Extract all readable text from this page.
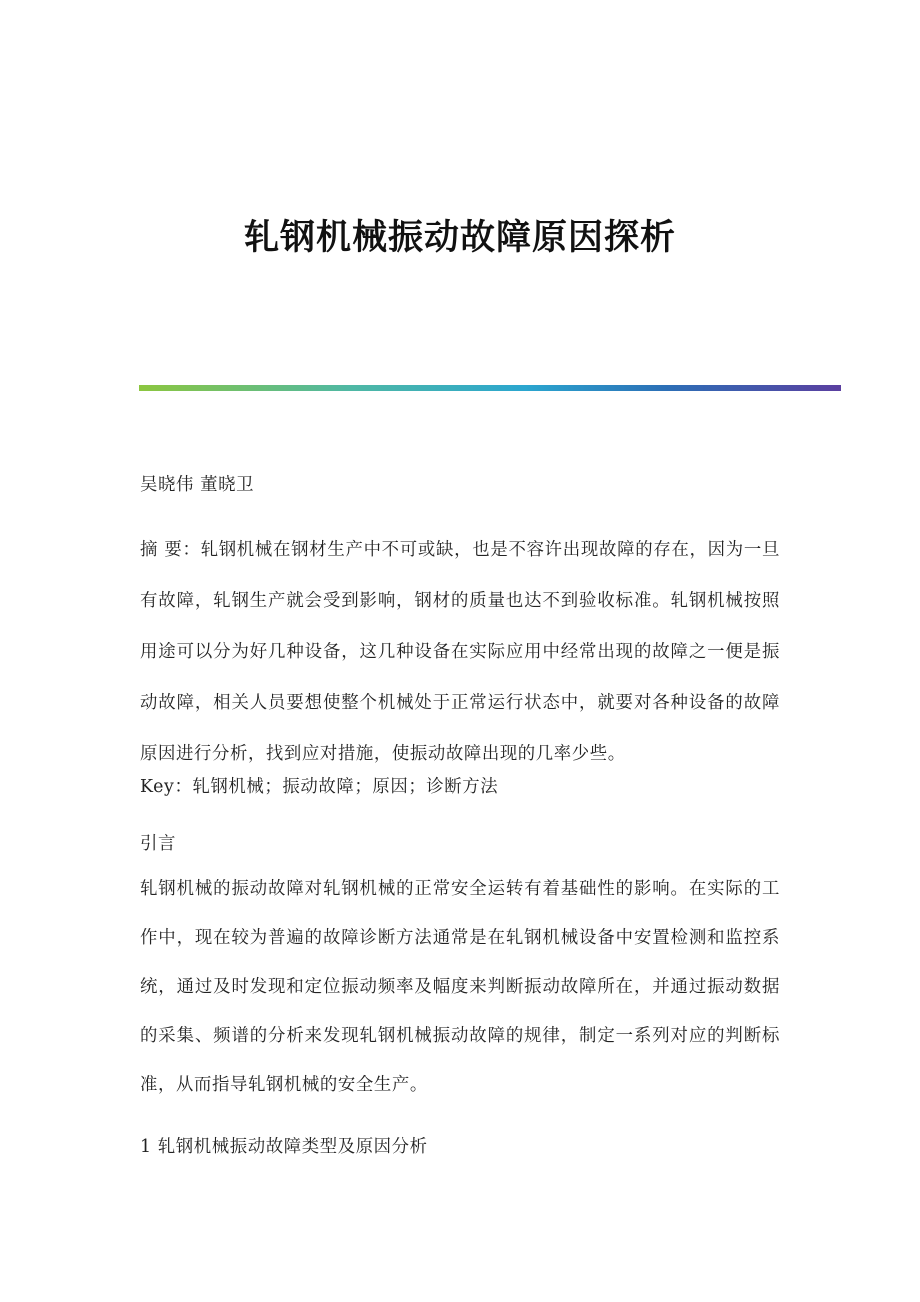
轧钢机械振动故障原因探析
吴晓伟 董晓卫
摘 要：轧钢机械在钢材生产中不可或缺，也是不容许出现故障的存在，因为一旦有故障，轧钢生产就会受到影响，钢材的质量也达不到验收标准。轧钢机械按照用途可以分为好几种设备，这几种设备在实际应用中经常出现的故障之一便是振动故障，相关人员要想使整个机械处于正常运行状态中，就要对各种设备的故障原因进行分析，找到应对措施，使振动故障出现的几率少些。
Key：轧钢机械；振动故障；原因；诊断方法
引言
轧钢机械的振动故障对轧钢机械的正常安全运转有着基础性的影响。在实际的工作中，现在较为普遍的故障诊断方法通常是在轧钢机械设备中安置检测和监控系统，通过及时发现和定位振动频率及幅度来判断振动故障所在，并通过振动数据的采集、频谱的分析来发现轧钢机械振动故障的规律，制定一系列对应的判断标准，从而指导轧钢机械的安全生产。
1 轧钢机械振动故障类型及原因分析
